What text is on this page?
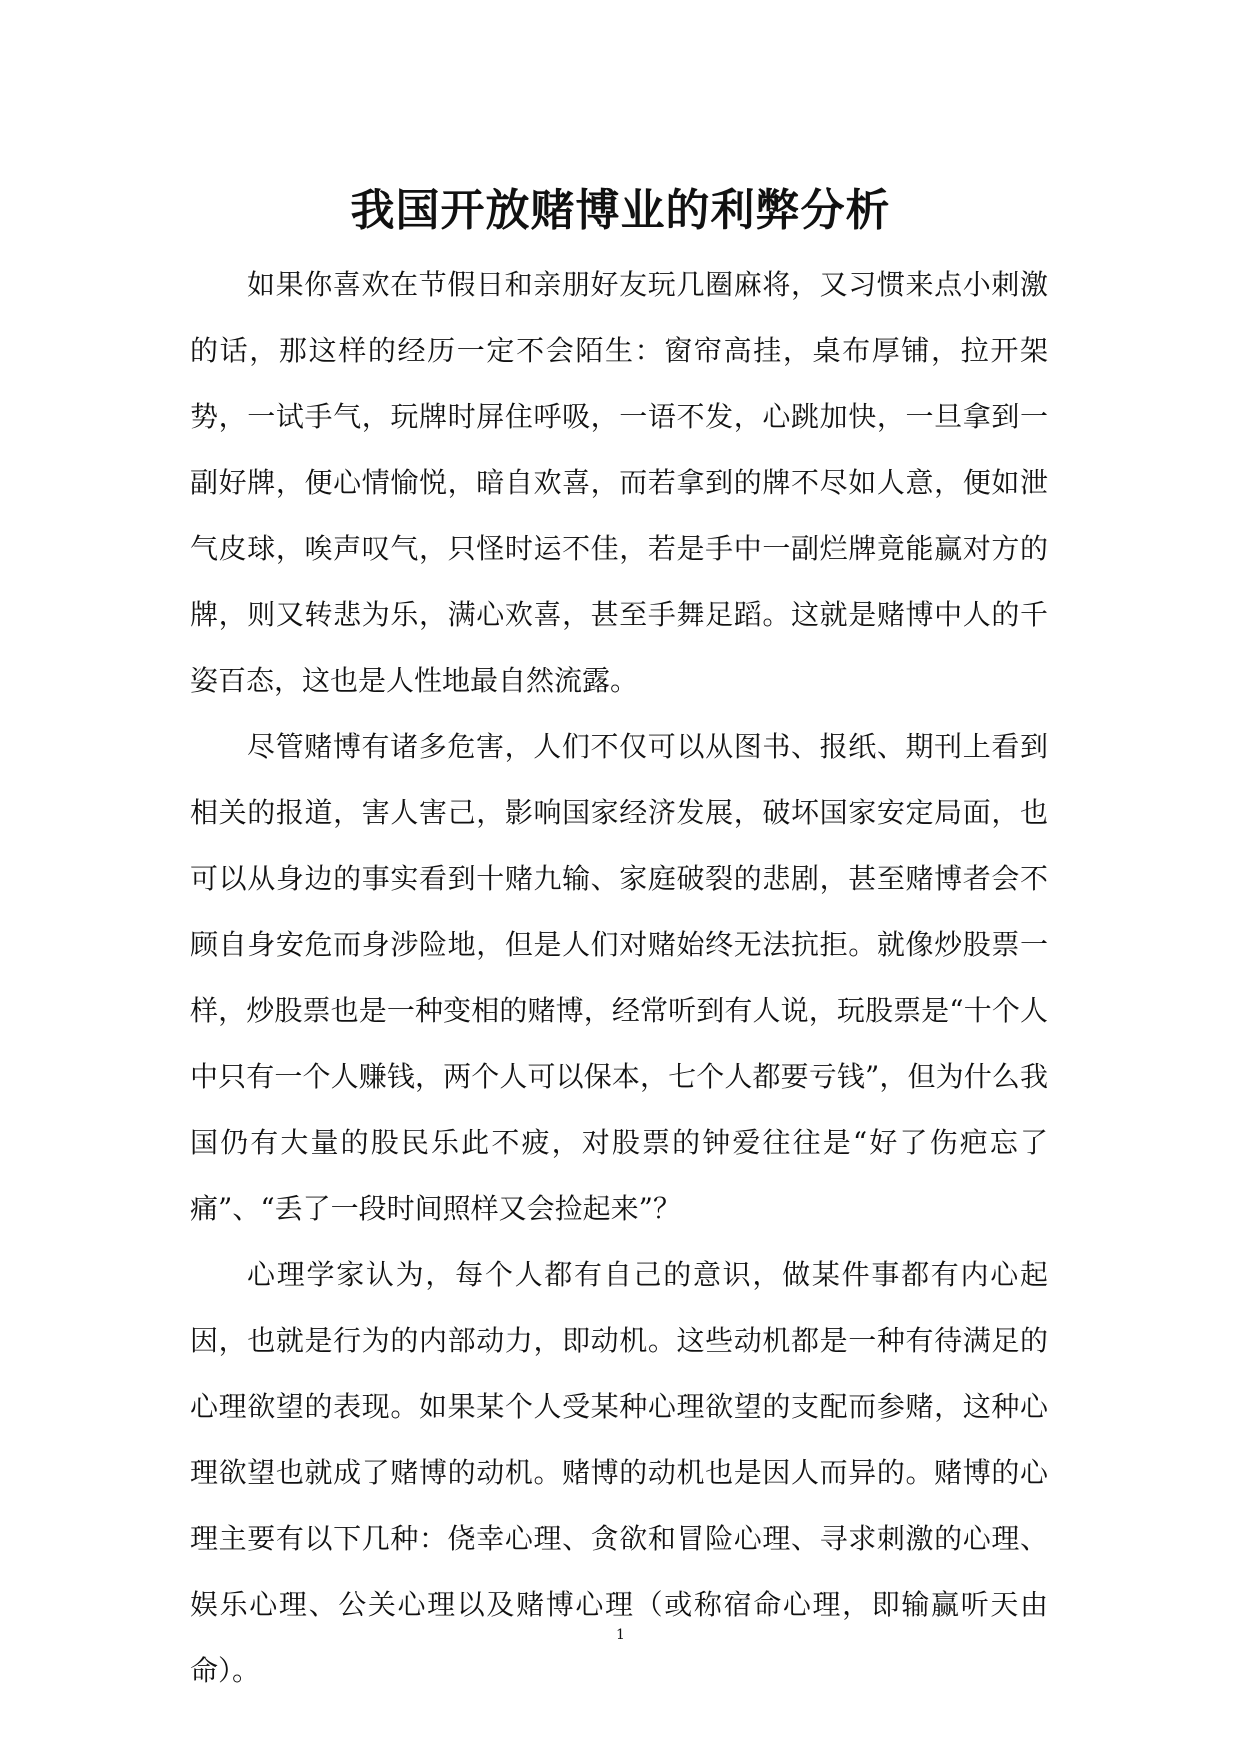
我国开放赌博业的利弊分析

如果你喜欢在节假日和亲朋好友玩几圈麻将，又习惯来点小刺激的话，那这样的经历一定不会陌生：窗帘高挂，桌布厚铺，拉开架势，一试手气，玩牌时屏住呼吸，一语不发，心跳加快，一旦拿到一副好牌，便心情愉悦，暗自欢喜，而若拿到的牌不尽如人意，便如泄气皮球，唉声叹气，只怪时运不佳，若是手中一副烂牌竟能赢对方的牌，则又转悲为乐，满心欢喜，甚至手舞足蹈。这就是赌博中人的千姿百态，这也是人性地最自然流露。

尽管赌博有诸多危害，人们不仅可以从图书、报纸、期刊上看到相关的报道，害人害己，影响国家经济发展，破坏国家安定局面，也可以从身边的事实看到十赌九输、家庭破裂的悲剧，甚至赌博者会不顾自身安危而身涉险地，但是人们对赌始终无法抗拒。就像炒股票一样，炒股票也是一种变相的赌博，经常听到有人说，玩股票是“十个人中只有一个人赚钱，两个人可以保本，七个人都要亏钱”，但为什么我国仍有大量的股民乐此不疲，对股票的钟爱往往是“好了伤疤忘了痛”、“丢了一段时间照样又会捡起来”？

心理学家认为，每个人都有自己的意识，做某件事都有内心起因，也就是行为的内部动力，即动机。这些动机都是一种有待满足的心理欲望的表现。如果某个人受某种心理欲望的支配而参赌，这种心理欲望也就成了赌博的动机。赌博的动机也是因人而异的。赌博的心理主要有以下几种：侥幸心理、贪欲和冒险心理、寻求刺激的心理、娱乐心理、公关心理以及赌博心理（或称宿命心理，即输赢听天由命）。

1
